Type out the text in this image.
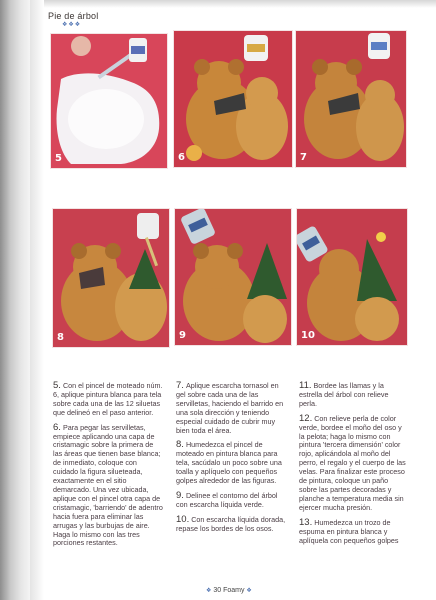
Pie de árbol
❖❖❖
5	6	7
8	9	10

5. Con el pincel de moteado núm. 6, aplique pintura blanca para tela sobre cada una de las 12 siluetas que delineó en el paso anterior.

6. Para pegar las servilletas, empiece aplicando una capa de cristamagic sobre la primera de las áreas que tienen base blanca; de inmediato, coloque con cuidado la figura silueteada, exactamente en el sitio demarcado. Una vez ubicada, aplique con el pincel otra capa de cristamagic, 'barriendo' de adentro hacia fuera para eliminar las arrugas y las burbujas de aire. Haga lo mismo con las tres porciones restantes.

7. Aplique escarcha tornasol en gel sobre cada una de las servilletas, haciendo el barrido en una sola dirección y teniendo especial cuidado de cubrir muy bien toda el área.

8. Humedezca el pincel de moteado en pintura blanca para tela, sacúdalo un poco sobre una toalla y aplíquelo con pequeños golpes alrededor de las figuras.

9. Delinee el contorno del árbol con escarcha líquida verde.

10. Con escarcha líquida dorada, repase los bordes de los osos.

11. Bordee las llamas y la estrella del árbol con relieve perla.

12. Con relieve perla de color verde, bordee el moño del oso y la pelota; haga lo mismo con pintura 'tercera dimensión' color rojo, aplicándola al moño del perro, el regalo y el cuerpo de las velas. Para finalizar este proceso de pintura, coloque un paño sobre las partes decoradas y planche a temperatura media sin ejercer mucha presión.

13. Humedezca un trozo de espuma en pintura blanca y aplíquela con pequeños golpes

❖ 30 Foamy ❖
